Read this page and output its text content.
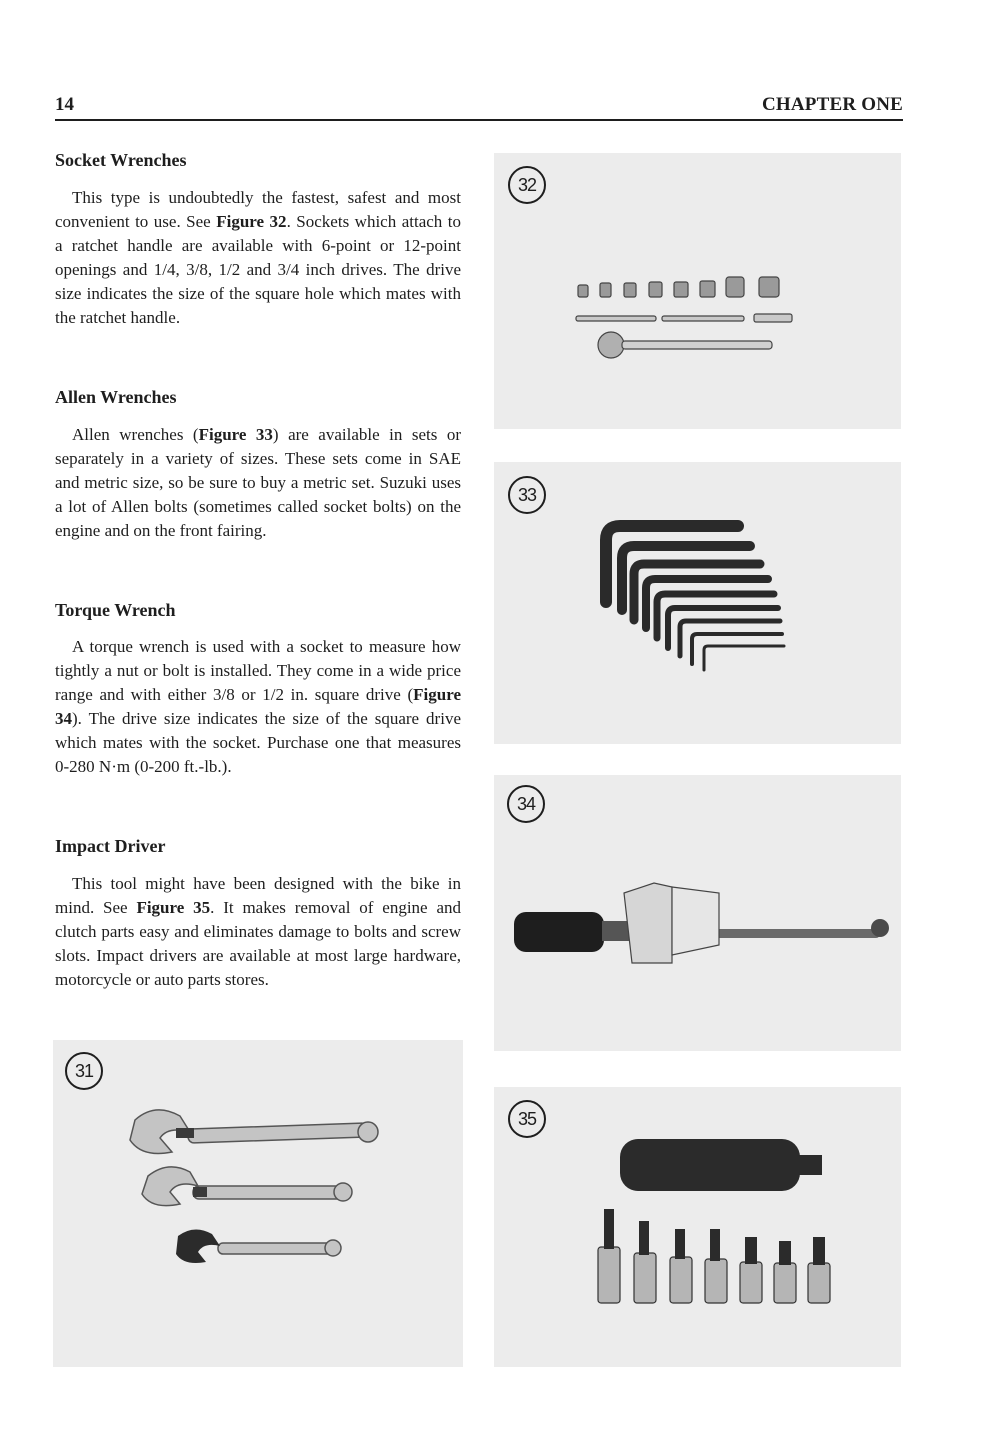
14	CHAPTER ONE
Socket Wrenches

This type is undoubtedly the fastest, safest and most convenient to use. See Figure 32. Sockets which attach to a ratchet handle are available with 6-point or 12-point openings and 1/4, 3/8, 1/2 and 3/4 inch drives. The drive size indicates the size of the square hole which mates with the ratchet handle.

Allen Wrenches

Allen wrenches (Figure 33) are available in sets or separately in a variety of sizes. These sets come in SAE and metric size, so be sure to buy a metric set. Suzuki uses a lot of Allen bolts (sometimes called socket bolts) on the engine and on the front fairing.

Torque Wrench

A torque wrench is used with a socket to measure how tightly a nut or bolt is installed. They come in a wide price range and with either 3/8 or 1/2 in. square drive (Figure 34). The drive size indicates the size of the square drive which mates with the socket. Purchase one that measures 0-280 N·m (0-200 ft.-lb.).

Impact Driver

This tool might have been designed with the bike in mind. See Figure 35. It makes removal of engine and clutch parts easy and eliminates damage to bolts and screw slots. Impact drivers are available at most large hardware, motorcycle or auto parts stores.

31
32
33
34
35
